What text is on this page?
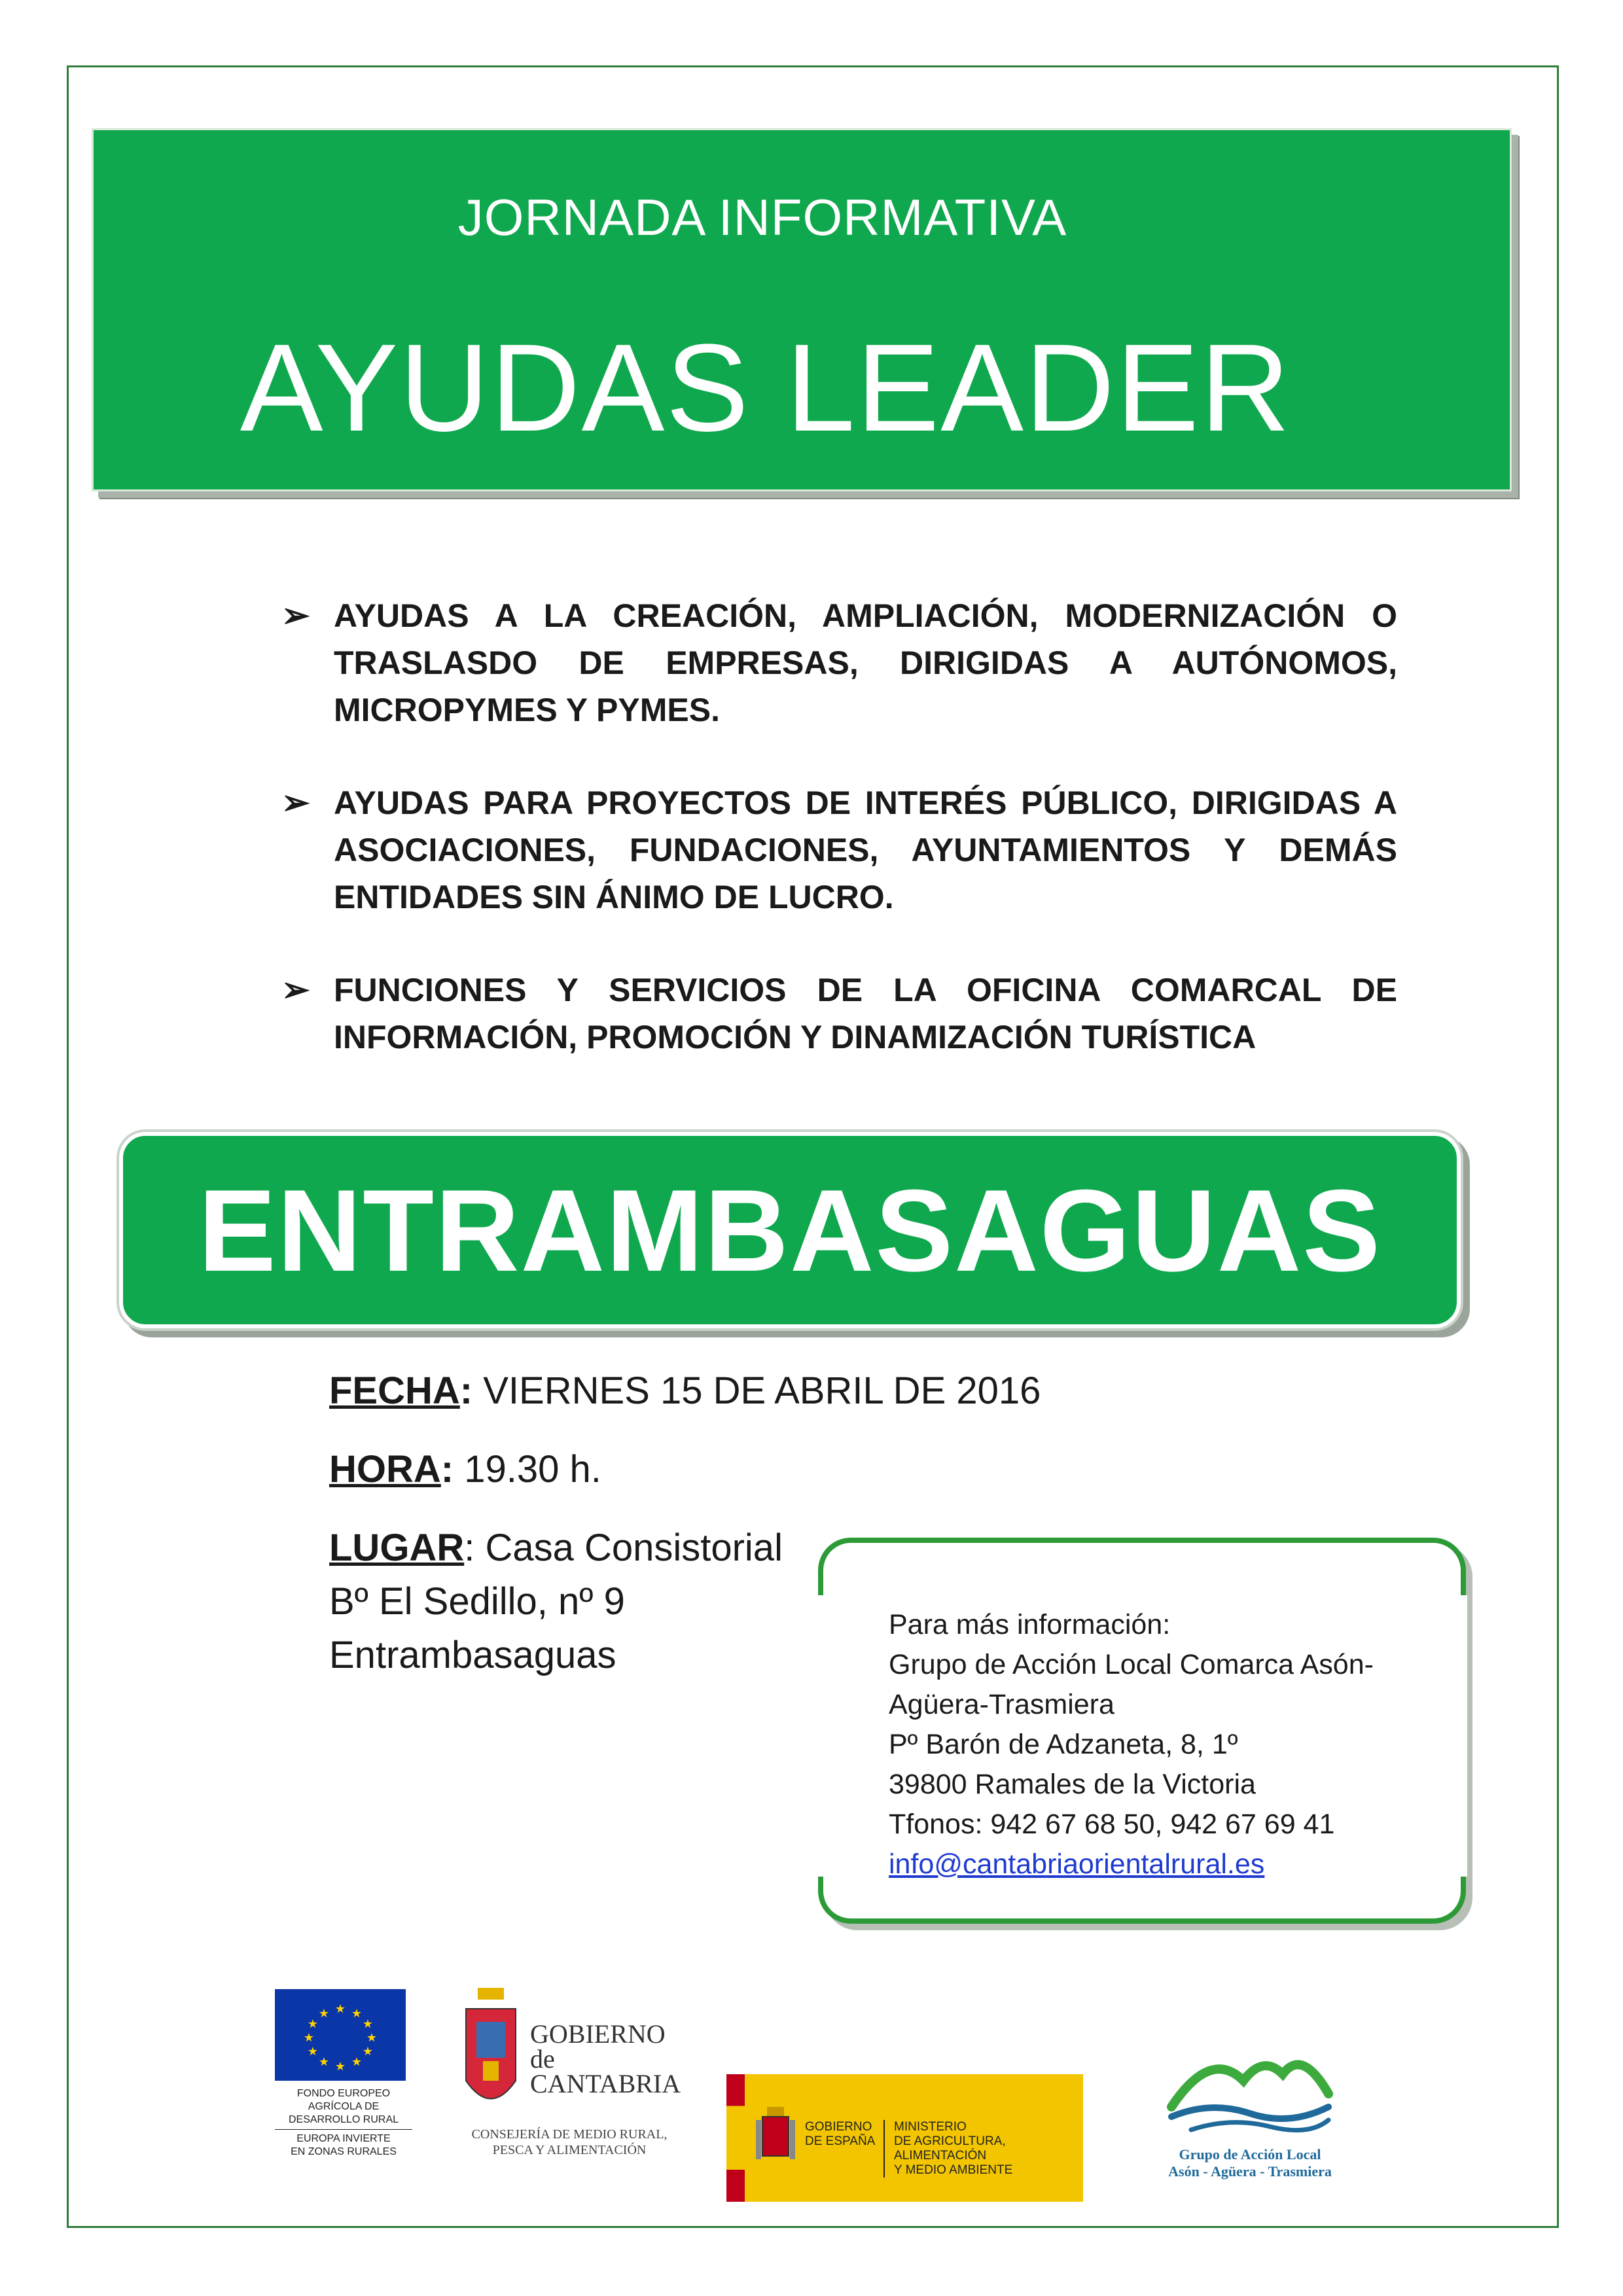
JORNADA INFORMATIVA
AYUDAS LEADER
➢ AYUDAS A LA CREACIÓN, AMPLIACIÓN, MODERNIZACIÓN O TRASLASDO DE EMPRESAS, DIRIGIDAS A AUTÓNOMOS, MICROPYMES Y PYMES.
➢ AYUDAS PARA PROYECTOS DE INTERÉS PÚBLICO, DIRIGIDAS A ASOCIACIONES, FUNDACIONES, AYUNTAMIENTOS Y DEMÁS ENTIDADES SIN ÁNIMO DE LUCRO.
➢ FUNCIONES Y SERVICIOS DE LA OFICINA COMARCAL DE INFORMACIÓN, PROMOCIÓN Y DINAMIZACIÓN TURÍSTICA
ENTRAMBASAGUAS
FECHA: VIERNES 15 DE ABRIL DE 2016
HORA: 19.30 h.
LUGAR: Casa Consistorial
Bº El Sedillo, nº 9
Entrambasaguas
Para más información:
Grupo de Acción Local Comarca Asón-
Agüera-Trasmiera
Pº Barón de Adzaneta, 8, 1º
39800 Ramales de la Victoria
Tfonos: 942 67 68 50, 942 67 69 41
info@cantabriaorientalrural.es
★ ★
★
★
★
★
★
★
★
★
★
★
FONDO EUROPEO
AGRÍCOLA DE
DESARROLLO RURAL
EUROPA INVIERTE
EN ZONAS RURALES
GOBIERNO
de
CANTABRIA
CONSEJERÍA DE MEDIO RURAL,
PESCA Y ALIMENTACIÓN
GOBIERNO
DE ESPAÑA
MINISTERIO
DE AGRICULTURA, ALIMENTACIÓN
Y MEDIO AMBIENTE
Grupo de Acción Local
Asón - Agüera - Trasmiera
